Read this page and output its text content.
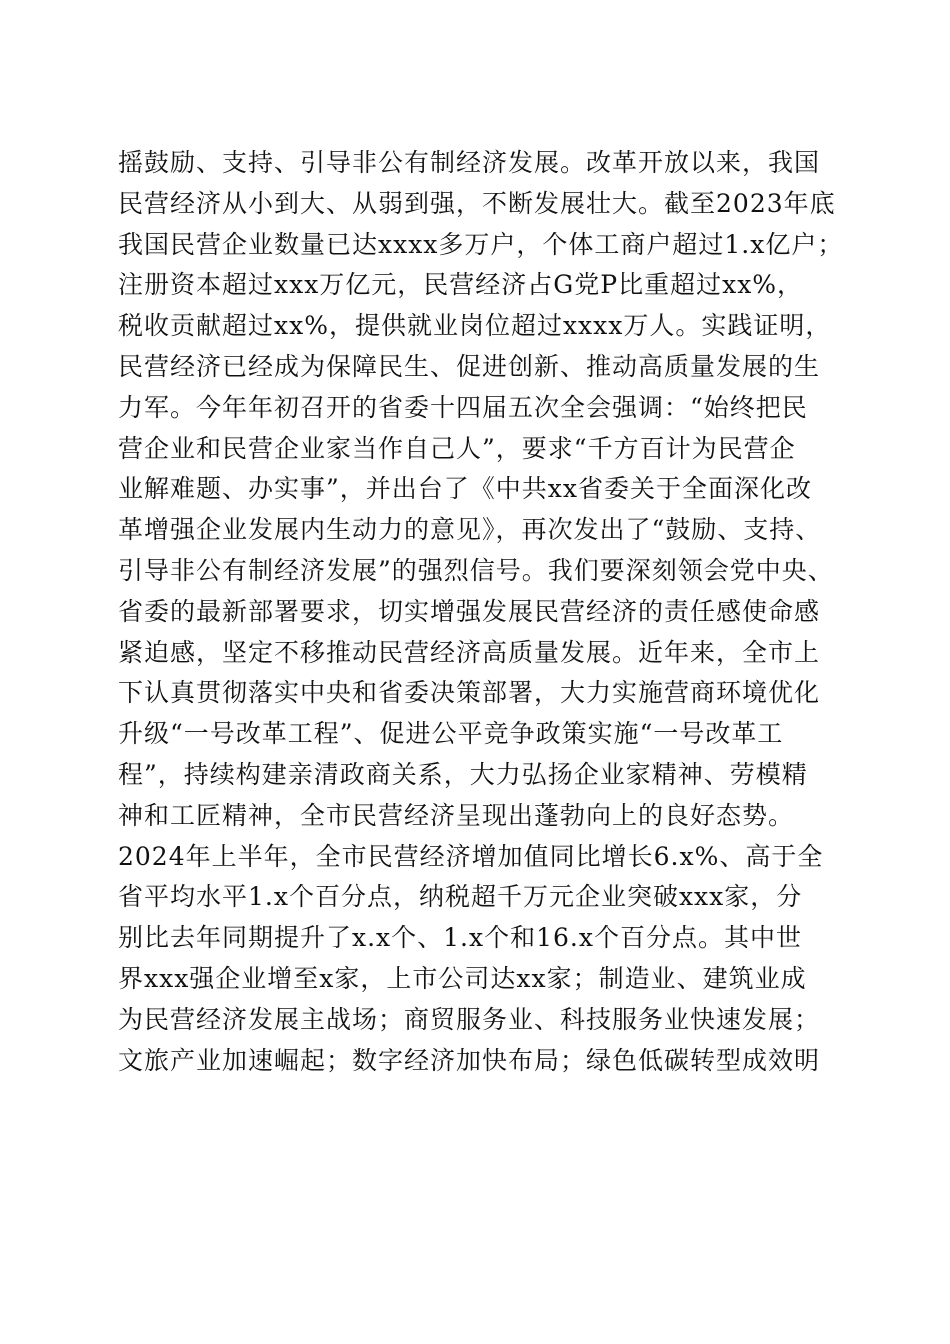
摇鼓励、支持、引导非公有制经济发展。改革开放以来，我国
民营经济从小到大、从弱到强，不断发展壮大。截至2023年底
我国民营企业数量已达xxxx多万户，个体工商户超过1.x亿户；
注册资本超过xxx万亿元，民营经济占G党P比重超过xx%，
税收贡献超过xx%，提供就业岗位超过xxxx万人。实践证明，
民营经济已经成为保障民生、促进创新、推动高质量发展的生
力军。今年年初召开的省委十四届五次全会强调：“始终把民
营企业和民营企业家当作自己人”，要求“千方百计为民营企
业解难题、办实事”，并出台了《中共xx省委关于全面深化改
革增强企业发展内生动力的意见》，再次发出了“鼓励、支持、
引导非公有制经济发展”的强烈信号。我们要深刻领会党中央、
省委的最新部署要求，切实增强发展民营经济的责任感使命感
紧迫感，坚定不移推动民营经济高质量发展。近年来，全市上
下认真贯彻落实中央和省委决策部署，大力实施营商环境优化
升级“一号改革工程”、促进公平竞争政策实施“一号改革工
程”，持续构建亲清政商关系，大力弘扬企业家精神、劳模精
神和工匠精神，全市民营经济呈现出蓬勃向上的良好态势。
2024年上半年，全市民营经济增加值同比增长6.x%、高于全
省平均水平1.x个百分点，纳税超千万元企业突破xxx家，分
别比去年同期提升了x.x个、1.x个和16.x个百分点。其中世
界xxx强企业增至x家，上市公司达xx家；制造业、建筑业成
为民营经济发展主战场；商贸服务业、科技服务业快速发展；
文旅产业加速崛起；数字经济加快布局；绿色低碳转型成效明
